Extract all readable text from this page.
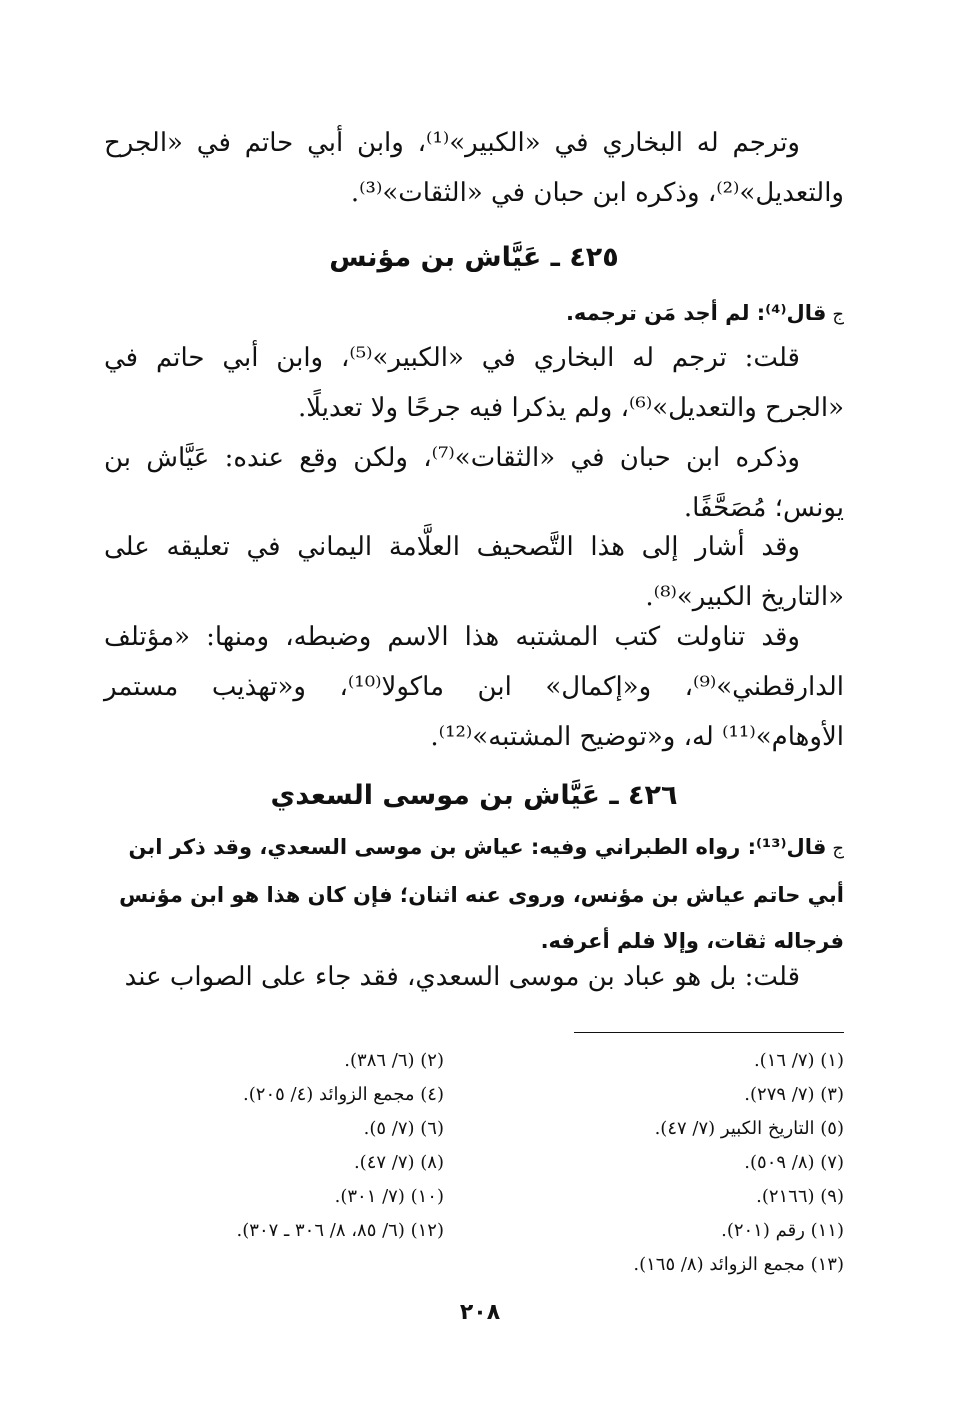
وترجم له البخاري في «الكبير»⁽¹⁾، وابن أبي حاتم في «الجرح والتعديل»⁽²⁾، وذكره ابن حبان في «الثقات»⁽³⁾.
٤٢٥ ـ عَيَّاش بن مؤنس
جقال⁽⁴⁾: لم أجد مَن ترجمه.
قلت: ترجم له البخاري في «الكبير»⁽⁵⁾، وابن أبي حاتم في «الجرح والتعديل»⁽⁶⁾، ولم يذكرا فيه جرحًا ولا تعديلًا.
وذكره ابن حبان في «الثقات»⁽⁷⁾، ولكن وقع عنده: عَيَّاش بن يونس؛ مُصَحَّفًا.
وقد أشار إلى هذا التَّصحيف العلَّامة اليماني في تعليقه على «التاريخ الكبير»⁽⁸⁾.
وقد تناولت كتب المشتبه هذا الاسم وضبطه، ومنها: «مؤتلف الدارقطني»⁽⁹⁾، و«إكمال» ابن ماكولا⁽¹⁰⁾، و«تهذيب مستمر الأوهام»⁽¹¹⁾ له، و«توضيح المشتبه»⁽¹²⁾.
٤٢٦ ـ عَيَّاش بن موسى السعدي
جقال⁽¹³⁾: رواه الطبراني وفيه: عياش بن موسى السعدي، وقد ذكر ابن أبي حاتم عياش بن مؤنس، وروى عنه اثنان؛ فإن كان هذا هو ابن مؤنس فرجاله ثقات، وإلا فلم أعرفه.
قلت: بل هو عباد بن موسى السعدي، فقد جاء على الصواب عند
(١) (٧/ ١٦).
(٣) (٧/ ٢٧٩).
(٥) التاريخ الكبير (٧/ ٤٧).
(٧) (٨/ ٥٠٩).
(٩) (٢١٦٦).
(١١) رقم (٢٠١).
(١٣) مجمع الزوائد (٨/ ١٦٥).
(٢) (٦/ ٣٨٦).
(٤) مجمع الزوائد (٤/ ٢٠٥).
(٦) (٧/ ٥).
(٨) (٧/ ٤٧).
(١٠) (٧/ ٣٠١).
(١٢) (٦/ ٨٥، ٨/ ٣٠٦ ـ ٣٠٧).
٢٠٨
